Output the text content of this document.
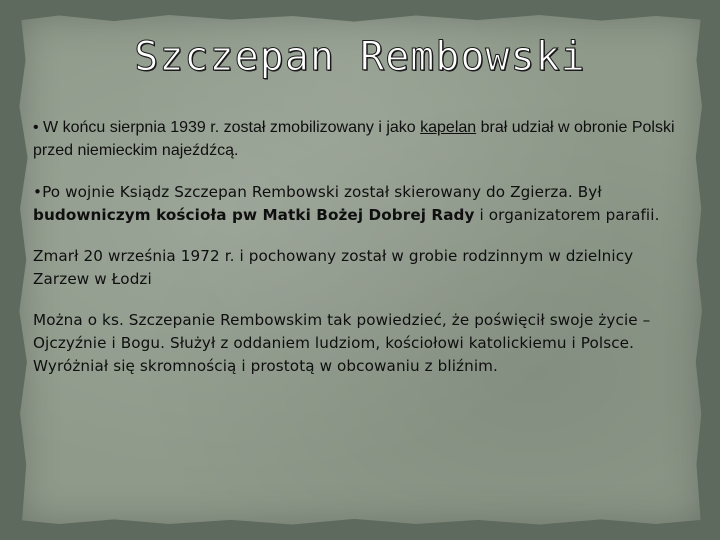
Szczepan Rembowski

• W końcu sierpnia 1939 r. został zmobilizowany i jako kapelan brał udział w obronie Polski przed niemieckim najeźdźcą.

•Po wojnie Ksiądz Szczepan Rembowski został skierowany do Zgierza. Był budowniczym kościoła pw Matki Bożej Dobrej Rady i organizatorem parafii.

Zmarł 20 września 1972 r. i pochowany został w grobie rodzinnym w dzielnicy Zarzew w Łodzi

Można o ks. Szczepanie Rembowskim tak powiedzieć, że poświęcił swoje życie – Ojczyźnie i Bogu. Służył z oddaniem ludziom, kościołowi katolickiemu i Polsce. Wyróżniał się skromnością i prostotą w obcowaniu z bliźnim.
